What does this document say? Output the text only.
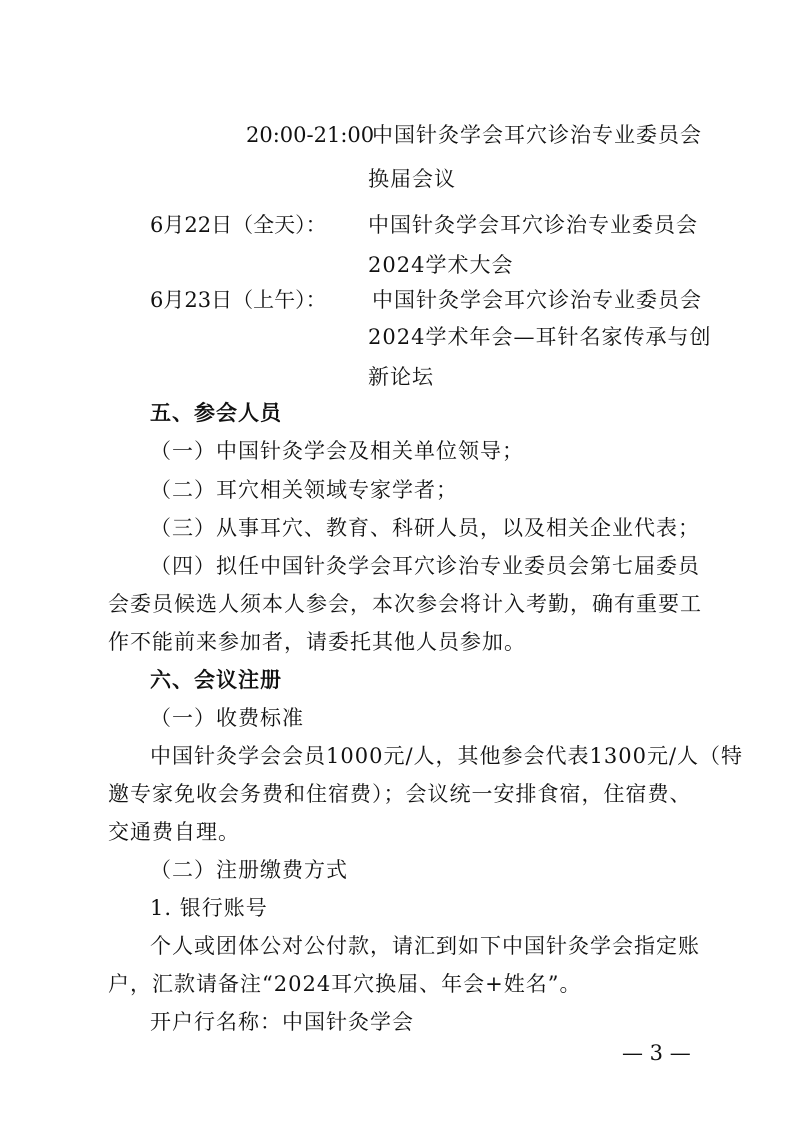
20:00-21:00
中国针灸学会耳穴诊治专业委员会
换届会议
6月22日（全天）： 中国针灸学会耳穴诊治专业委员会
2024学术大会
6月23日（上午）： 中国针灸学会耳穴诊治专业委员会
2024学术年会—耳针名家传承与创
新论坛
五、参会人员
（一）中国针灸学会及相关单位领导；
（二）耳穴相关领域专家学者；
（三）从事耳穴、教育、科研人员，以及相关企业代表；
（四）拟任中国针灸学会耳穴诊治专业委员会第七届委员
会委员候选人须本人参会，本次参会将计入考勤，确有重要工
作不能前来参加者，请委托其他人员参加。
六、会议注册
（一）收费标准
中国针灸学会会员1000元/人，其他参会代表1300元/人（特
邀专家免收会务费和住宿费）；会议统一安排食宿，住宿费、
交通费自理。
（二）注册缴费方式
1. 银行账号
个人或团体公对公付款，请汇到如下中国针灸学会指定账
户，汇款请备注“2024耳穴换届、年会+姓名”。
开户行名称：中国针灸学会
— 3 —
